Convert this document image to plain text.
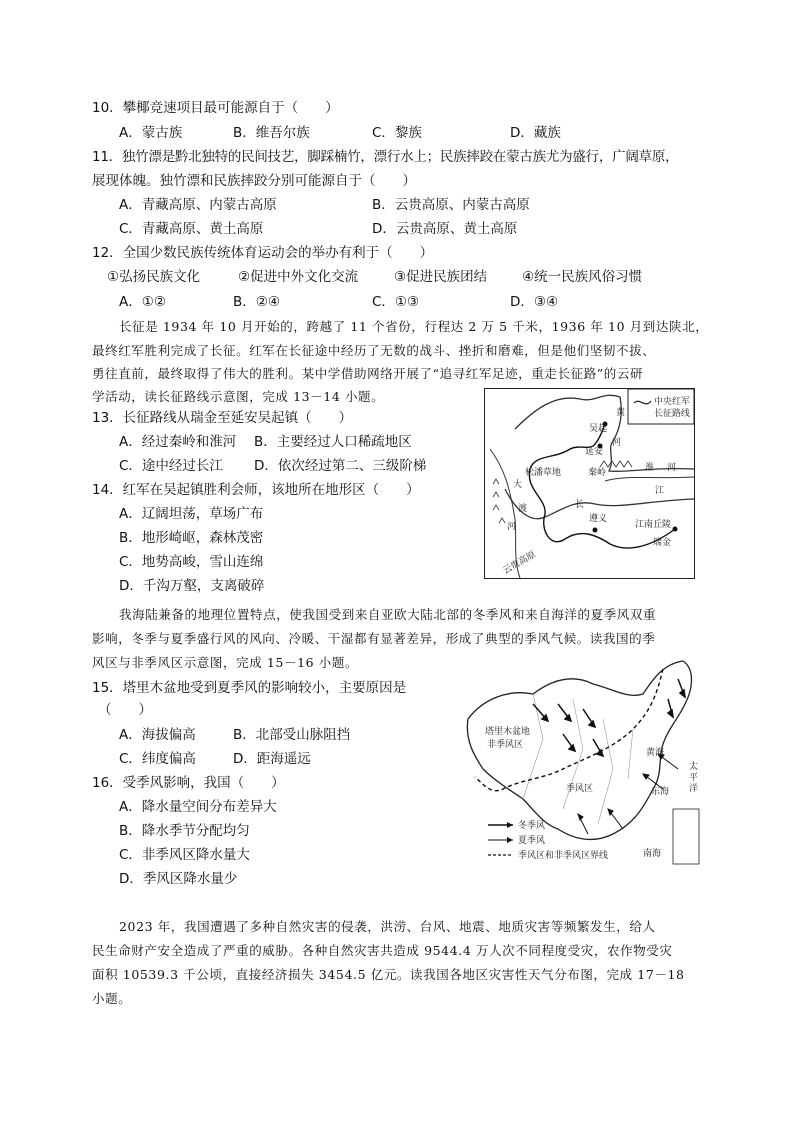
10．攀椰竞速项目最可能源自于（　　）
A．蒙古族	B．维吾尔族	C．黎族	D．藏族
11．独竹漂是黔北独特的民间技艺，脚踩楠竹，漂行水上；民族摔跤在蒙古族尤为盛行，广阔草原，
展现体魄。独竹漂和民族摔跤分别可能源自于（　　）
A．青藏高原、内蒙古高原	B．云贵高原、内蒙古高原
C．青藏高原、黄土高原	D．云贵高原、黄土高原
12．全国少数民族传统体育运动会的举办有利于（　　）
①弘扬民族文化	②促进中外文化交流	③促进民族团结	④统一民族风俗习惯
A．①②	B．②④	C．①③	D．③④
长征是 1934 年 10 月开始的，跨越了 11 个省份，行程达 2 万 5 千米，1936 年 10 月到达陕北，
最终红军胜利完成了长征。红军在长征途中经历了无数的战斗、挫折和磨难，但是他们坚韧不拔、
勇往直前，最终取得了伟大的胜利。某中学借助网络开展了“追寻红军足迹，重走长征路”的云研
学活动，读长征路线示意图，完成 13－14 小题。
13．长征路线从瑞金至延安吴起镇（　　）
A．经过秦岭和淮河 B．主要经过人口稀疏地区
C．途中经过长江 D．依次经过第二、三级阶梯
14．红军在吴起镇胜利会师，该地所在地形区（　　）
A．辽阔坦荡，草场广布
B．地形崎岖，森林茂密
C．地势高峻，雪山连绵
D．千沟万壑，支离破碎
中央红军
长征路线
黄
吴起
河
延安
松潘草地	秦岭	淮 河
大
渡	长
江
河
遵义
江南丘陵
瑞金
云贵高原
我海陆兼备的地理位置特点，使我国受到来自亚欧大陆北部的冬季风和来自海洋的夏季风双重
影响，冬季与夏季盛行风的风向、冷暖、干湿都有显著差异，形成了典型的季风气候。读我国的季
风区与非季风区示意图，完成 15－16 小题。
15．塔里木盆地受到夏季风的影响较小，主要原因是
（　　）
A．海拔偏高	B．北部受山脉阻挡
C．纬度偏高	D．距海遥远
16．受季风影响，我国（　　）
A．降水量空间分布差异大
B．降水季节分配均匀
C．非季风区降水量大
D．季风区降水量少
塔里木盆地
非季风区
季风区
黄海
东海
南海
太
平
洋
冬季风
夏季风
季风区和非季风区界线
2023 年，我国遭遇了多种自然灾害的侵袭，洪涝、台风、地震、地质灾害等频繁发生，给人
民生命财产安全造成了严重的威胁。各种自然灾害共造成 9544.4 万人次不同程度受灾，农作物受灾
面积 10539.3 千公顷，直接经济损失 3454.5 亿元。读我国各地区灾害性天气分布图，完成 17－18
小题。
